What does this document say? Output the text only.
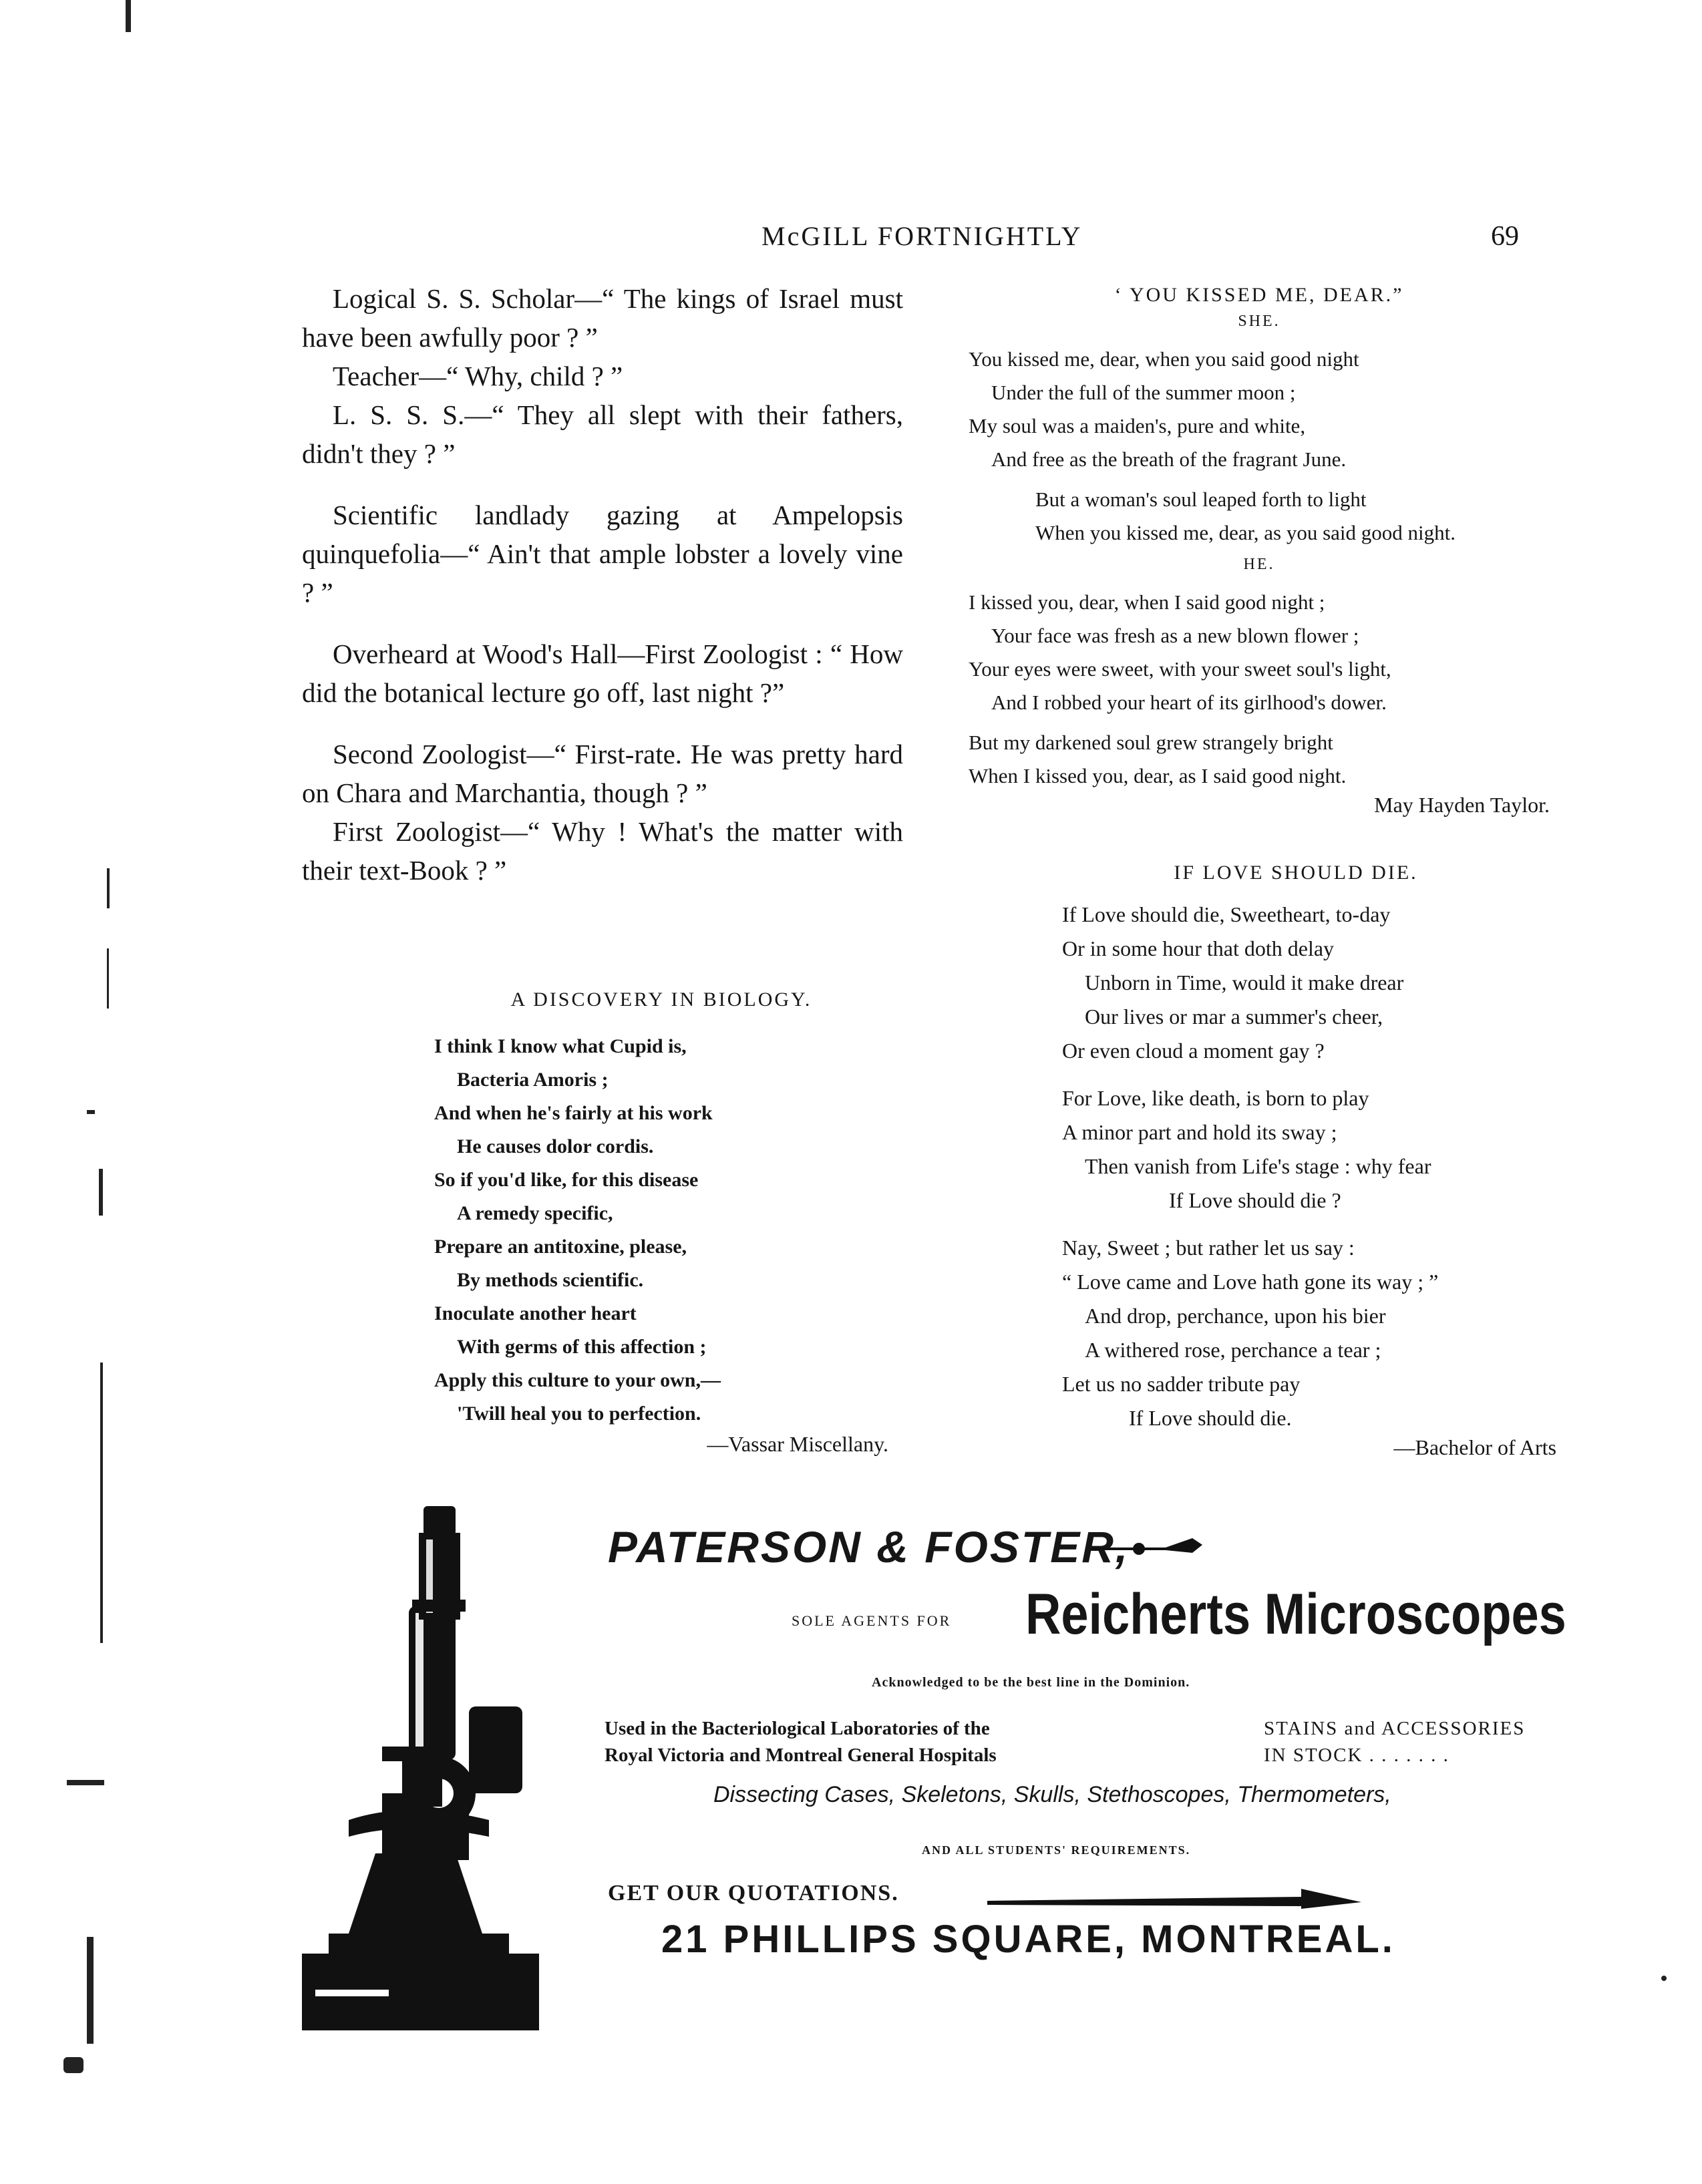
McGILL FORTNIGHTLY	69

Logical S. S. Scholar—“ The kings of Israel must have been awfully poor ? ”

Teacher—“ Why, child ? ”

L. S. S. S.—“ They all slept with their fathers, didn't they ? ”

Scientific landlady gazing at Ampelopsis quinquefolia—“ Ain't that ample lobster a lovely vine ? ”

Overheard at Wood's Hall—First Zoologist : “ How did the botanical lecture go off, last night ?”

Second Zoologist—“ First-rate. He was pretty hard on Chara and Marchantia, though ? ”

First Zoologist—“ Why ! What's the matter with their text-Book ? ”

A DISCOVERY IN BIOLOGY.
I think I know what Cupid is,
Bacteria Amoris ;
And when he's fairly at his work
He causes dolor cordis.
So if you'd like, for this disease
A remedy specific,
Prepare an antitoxine, please,
By methods scientific.
Inoculate another heart
With germs of this affection ;
Apply this culture to your own,—
'Twill heal you to perfection.
—Vassar Miscellany.
‘ YOU KISSED ME, DEAR.”
SHE.
You kissed me, dear, when you said good night
Under the full of the summer moon ;
My soul was a maiden's, pure and white,
And free as the breath of the fragrant June.
But a woman's soul leaped forth to light
When you kissed me, dear, as you said good night.
HE.
I kissed you, dear, when I said good night ;
Your face was fresh as a new blown flower ;
Your eyes were sweet, with your sweet soul's light,
And I robbed your heart of its girlhood's dower.
But my darkened soul grew strangely bright
When I kissed you, dear, as I said good night.
May Hayden Taylor.
IF LOVE SHOULD DIE.
If Love should die, Sweetheart, to-day
Or in some hour that doth delay
Unborn in Time, would it make drear
Our lives or mar a summer's cheer,
Or even cloud a moment gay ?
For Love, like death, is born to play
A minor part and hold its sway ;
Then vanish from Life's stage : why fear
If Love should die ?
Nay, Sweet ; but rather let us say :
“ Love came and Love hath gone its way ; ”
And drop, perchance, upon his bier
A withered rose, perchance a tear ;
Let us no sadder tribute pay
If Love should die.
—Bachelor of Arts
PATERSON & FOSTER,
SOLE AGENTS FOR Reicherts Microscopes
Acknowledged to be the best line in the Dominion.
Used in the Bacteriological Laboratories of the
Royal Victoria and Montreal General Hospitals
STAINS and ACCESSORIES
IN STOCK . . . . . . .
Dissecting Cases, Skeletons, Skulls, Stethoscopes, Thermometers,
AND ALL STUDENTS' REQUIREMENTS.
GET OUR QUOTATIONS.
21 PHILLIPS SQUARE, MONTREAL.
